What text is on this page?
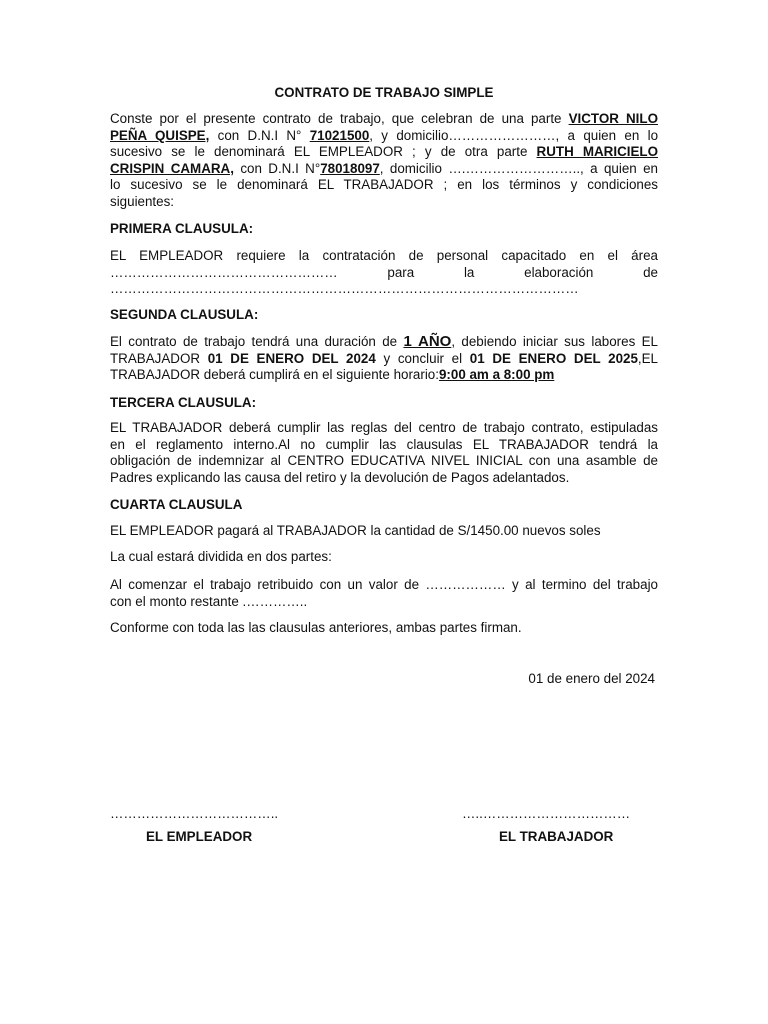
CONTRATO DE TRABAJO SIMPLE
Conste por el presente contrato de trabajo, que celebran de una parte VICTOR NILO
PEÑA QUISPE, con D.N.I N° 71021500, y domicilio……………………, a quien en lo
sucesivo se le denominará EL EMPLEADOR ; y de otra parte RUTH MARICIELO
CRISPIN CAMARA, con D.N.I N°78018097, domicilio ….…………………….., a quien en
lo sucesivo se le denominará EL TRABAJADOR ; en los términos y condiciones
siguientes:
PRIMERA CLAUSULA:
EL EMPLEADOR requiere la contratación de personal capacitado en el área
…………………………………………… para la elaboración de
……………………………………………………………………………………………
SEGUNDA CLAUSULA:
El contrato de trabajo tendrá una duración de 1 AÑO, debiendo iniciar sus labores EL
TRABAJADOR 01 DE ENERO DEL 2024 y concluir el 01 DE ENERO DEL 2025,EL
TRABAJADOR deberá cumplirá en el siguiente horario:9:00 am a 8:00 pm
TERCERA CLAUSULA:
EL TRABAJADOR deberá cumplir las reglas del centro de trabajo contrato, estipuladas
en el reglamento interno.Al no cumplir las clausulas EL TRABAJADOR tendrá la
obligación de indemnizar al CENTRO EDUCATIVA NIVEL INICIAL con una asamble de
Padres explicando las causa del retiro y la devolución de Pagos adelantados.
CUARTA CLAUSULA
EL EMPLEADOR pagará al TRABAJADOR la cantidad de S/1450.00 nuevos soles
La cual estará dividida en dos partes:
Al comenzar el trabajo retribuido con un valor de ……………… y al termino del trabajo
con el monto restante .…………..
Conforme con toda las las clausulas anteriores, ambas partes firman.
01 de enero del 2024
………………………………..	…..……………………………
EL EMPLEADOR	EL TRABAJADOR
